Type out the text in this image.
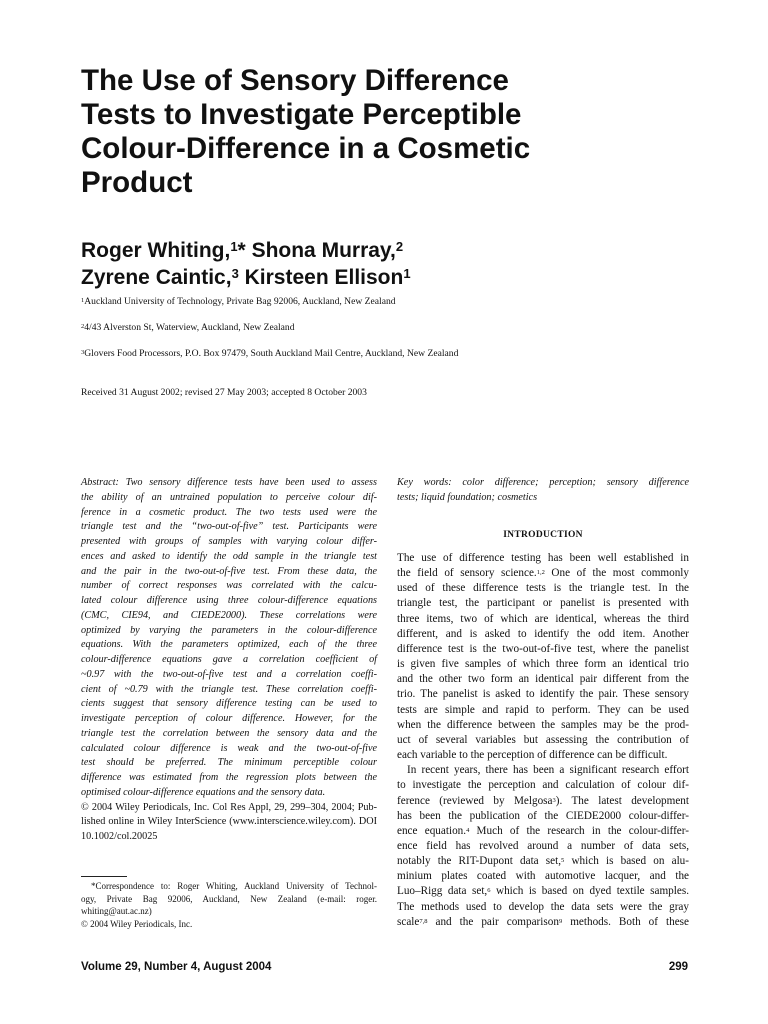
The Use of Sensory Difference
Tests to Investigate Perceptible
Colour-Difference in a Cosmetic
Product
Roger Whiting,$^1$* Shona Murray,$^2$
Zyrene Caintic,$^3$ Kirsteen Ellison$^1$
$^1$Auckland University of Technology, Private Bag 92006, Auckland, New Zealand
$^2$4/43 Alverston St, Waterview, Auckland, New Zealand
$^3$Glovers Food Processors, P.O. Box 97479, South Auckland Mail Centre, Auckland, New Zealand
Received 31 August 2002; revised 27 May 2003; accepted 8 October 2003
Abstract: Two sensory difference tests have been used to assess
the ability of an untrained population to perceive colour dif-
ference in a cosmetic product. The two tests used were the
triangle test and the “two-out-of-five” test. Participants were
presented with groups of samples with varying colour differ-
ences and asked to identify the odd sample in the triangle test
and the pair in the two-out-of-five test. From these data, the
number of correct responses was correlated with the calcu-
lated colour difference using three colour-difference equations
(CMC, CIE94, and CIEDE2000). These correlations were
optimized by varying the parameters in the colour-difference
equations. With the parameters optimized, each of the three
colour-difference equations gave a correlation coefficient of
~0.97 with the two-out-of-five test and a correlation coeffi-
cient of ~0.79 with the triangle test. These correlation coeffi-
cients suggest that sensory difference testing can be used to
investigate perception of colour difference. However, for the
triangle test the correlation between the sensory data and the
calculated colour difference is weak and the two-out-of-five
test should be preferred. The minimum perceptible colour
difference was estimated from the regression plots between the
optimised colour-difference equations and the sensory data.
© 2004 Wiley Periodicals, Inc. Col Res Appl, 29, 299–304, 2004; Pub-
lished online in Wiley InterScience (www.interscience.wiley.com). DOI
10.1002/col.20025
*Correspondence to: Roger Whiting, Auckland University of Technol-
ogy, Private Bag 92006, Auckland, New Zealand (e-mail: roger.
whiting@aut.ac.nz)
© 2004 Wiley Periodicals, Inc.
Key words: color difference; perception; sensory difference
tests; liquid foundation; cosmetics
INTRODUCTION
The use of difference testing has been well established in
the field of sensory science.$^{1,2}$ One of the most commonly
used of these difference tests is the triangle test. In the
triangle test, the participant or panelist is presented with
three items, two of which are identical, whereas the third
different, and is asked to identify the odd item. Another
difference test is the two-out-of-five test, where the panelist
is given five samples of which three form an identical trio
and the other two form an identical pair different from the
trio. The panelist is asked to identify the pair. These sensory
tests are simple and rapid to perform. They can be used
when the difference between the samples may be the prod-
uct of several variables but assessing the contribution of
each variable to the perception of difference can be difficult.
In recent years, there has been a significant research effort
to investigate the perception and calculation of colour dif-
ference (reviewed by Melgosa$^3$). The latest development
has been the publication of the CIEDE2000 colour-differ-
ence equation.$^4$ Much of the research in the colour-differ-
ence field has revolved around a number of data sets,
notably the RIT-Dupont data set,$^5$ which is based on alu-
minium plates coated with automotive lacquer, and the
Luo–Rigg data set,$^6$ which is based on dyed textile samples.
The methods used to develop the data sets were the gray
scale$^{7,8}$ and the pair comparison$^9$ methods. Both of these
Volume 29, Number 4, August 2004	299
